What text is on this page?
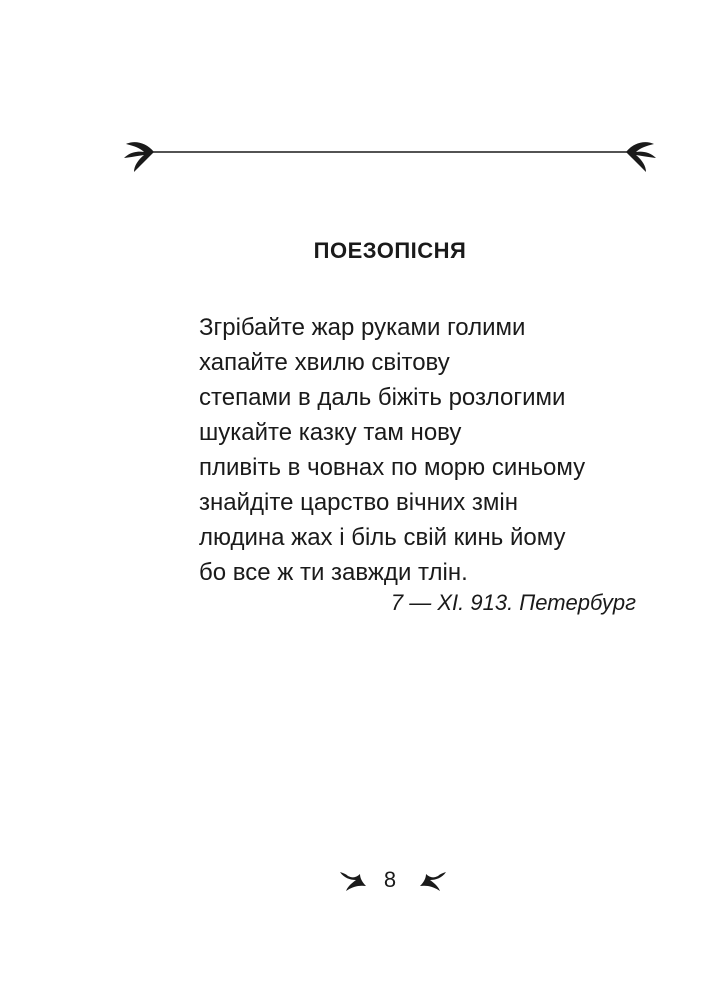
ПОЕЗОПІСНЯ

Згрібайте жар руками голими

хапайте хвилю світову

степами в даль біжіть розлогими

шукайте казку там нову

пливіть в човнах по морю синьому

знайдіте царство вічних змін

людина жах і біль свій кинь йому

бо все ж ти завжди тлін.

7 — XI. 913. Петербург

8
